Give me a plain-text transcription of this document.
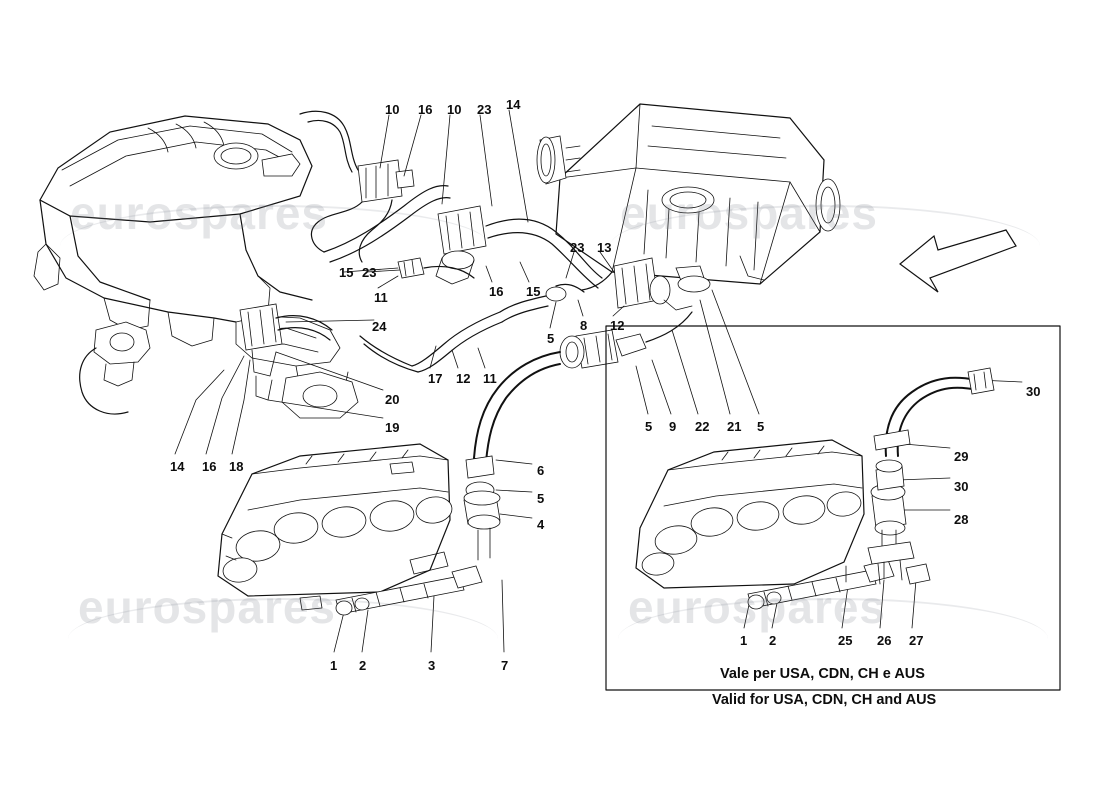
eurospares	eurospares
eurospares	eurospares
Vale per USA, CDN, CH e AUS
Valid for USA, CDN, CH and AUS
10 16 10 23 14
23 13
15 23
11	16 15
5
8 12
24
20
19
17 12 11
14 16 18
5 9 22 21 5
30
29
30
28
6
5
4
1 2	3	7
1 2	25 26 27
